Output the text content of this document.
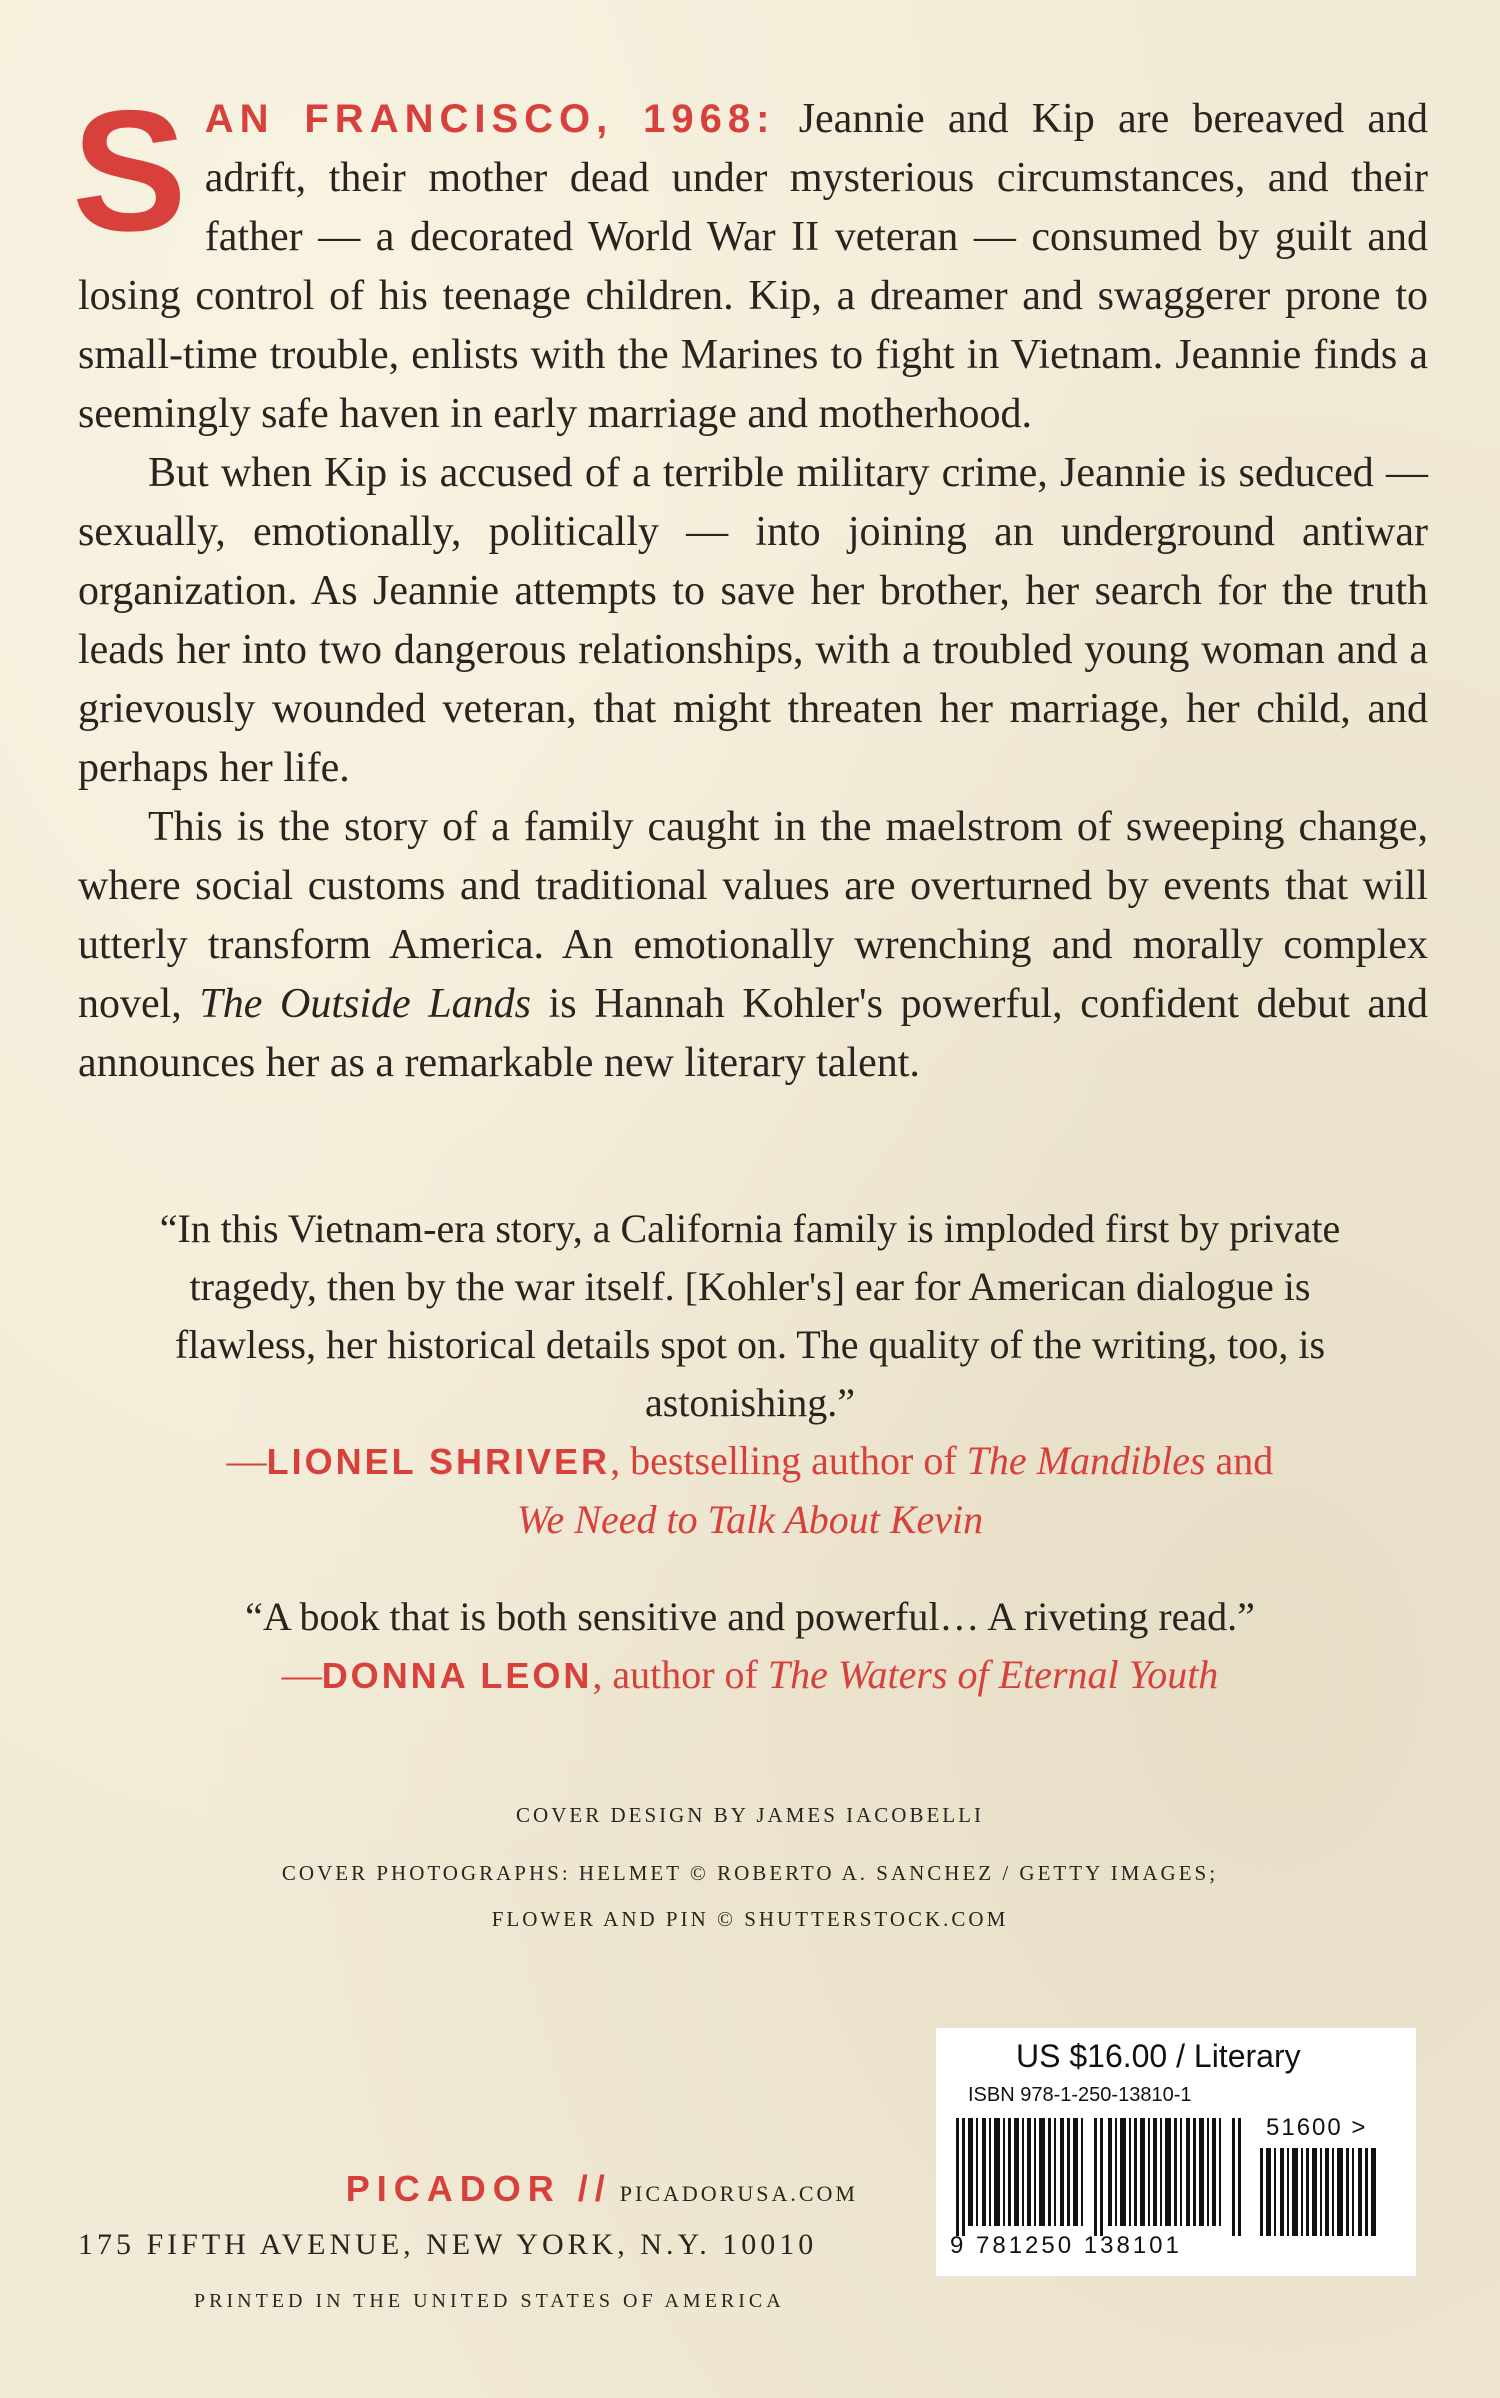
SAN FRANCISCO, 1968: Jeannie and Kip are bereaved and adrift, their mother dead under mysterious circumstances, and their father — a decorated World War II veteran — consumed by guilt and losing control of his teenage children. Kip, a dreamer and swaggerer prone to small-time trouble, enlists with the Marines to fight in Vietnam. Jeannie finds a seemingly safe haven in early marriage and motherhood.

But when Kip is accused of a terrible military crime, Jeannie is seduced — sexually, emotionally, politically — into joining an underground antiwar organization. As Jeannie attempts to save her brother, her search for the truth leads her into two dangerous relationships, with a troubled young woman and a grievously wounded veteran, that might threaten her marriage, her child, and perhaps her life.

This is the story of a family caught in the maelstrom of sweeping change, where social customs and traditional values are overturned by events that will utterly transform America. An emotionally wrenching and morally complex novel, The Outside Lands is Hannah Kohler's powerful, confident debut and announces her as a remarkable new literary talent.

“In this Vietnam-era story, a California family is imploded first by private tragedy, then by the war itself. [Kohler's] ear for American dialogue is flawless, her historical details spot on. The quality of the writing, too, is astonishing.”

—LIONEL SHRIVER, bestselling author of The Mandibles and
We Need to Talk About Kevin

“A book that is both sensitive and powerful… A riveting read.”

—DONNA LEON, author of The Waters of Eternal Youth

COVER DESIGN BY JAMES IACOBELLI
COVER PHOTOGRAPHS: HELMET © ROBERTO A. SANCHEZ / GETTY IMAGES;
FLOWER AND PIN © SHUTTERSTOCK.COM
PICADOR // PICADORUSA.COM
175 FIFTH AVENUE, NEW YORK, N.Y. 10010
PRINTED IN THE UNITED STATES OF AMERICA
US $16.00 / Literary
ISBN 978-1-250-13810-1
51600 >
9 781250 138101
